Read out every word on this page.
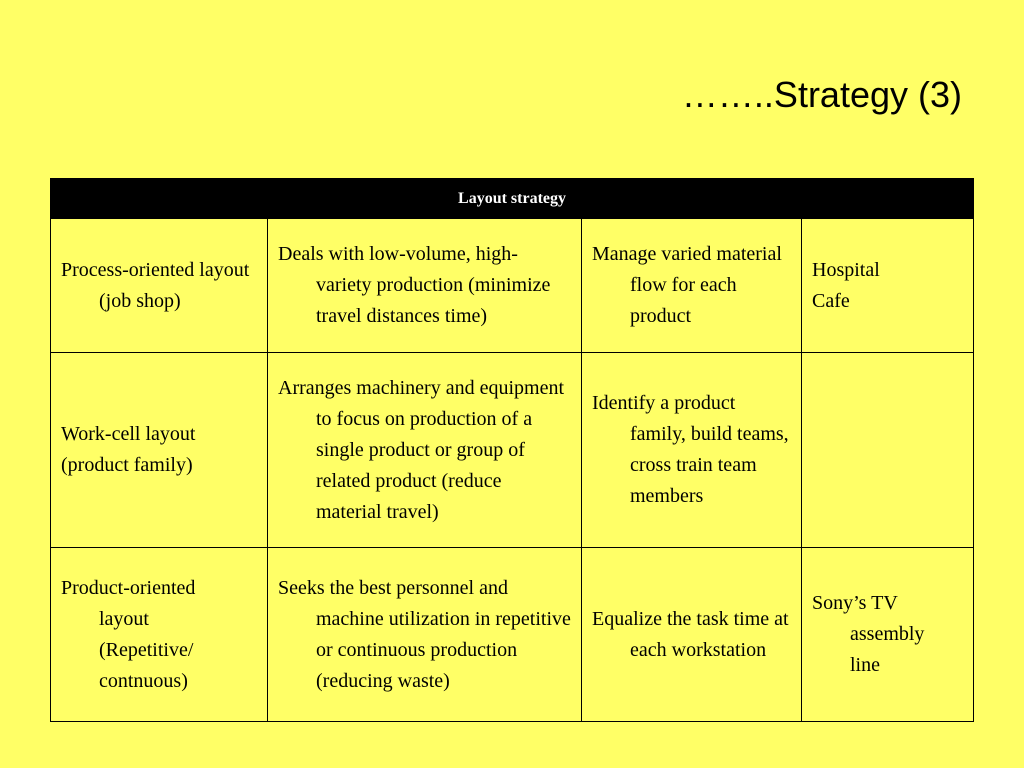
……..Strategy (3)
Layout strategy			

Process-oriented layout (job shop)	Deals with low-volume, high-variety production (minimize travel distances time)	Manage varied material flow for each product	Hospital
Cafe

Work-cell layout (product family)	Arranges machinery and equipment to focus on production of a single product or group of related product (reduce material travel)	Identify a product family, build teams, cross train team members	

Product-oriented layout (Repetitive/ contnuous)	Seeks the best personnel and machine utilization in repetitive or continuous production (reducing waste)	Equalize the task time at each workstation	Sony’s TV assembly line
